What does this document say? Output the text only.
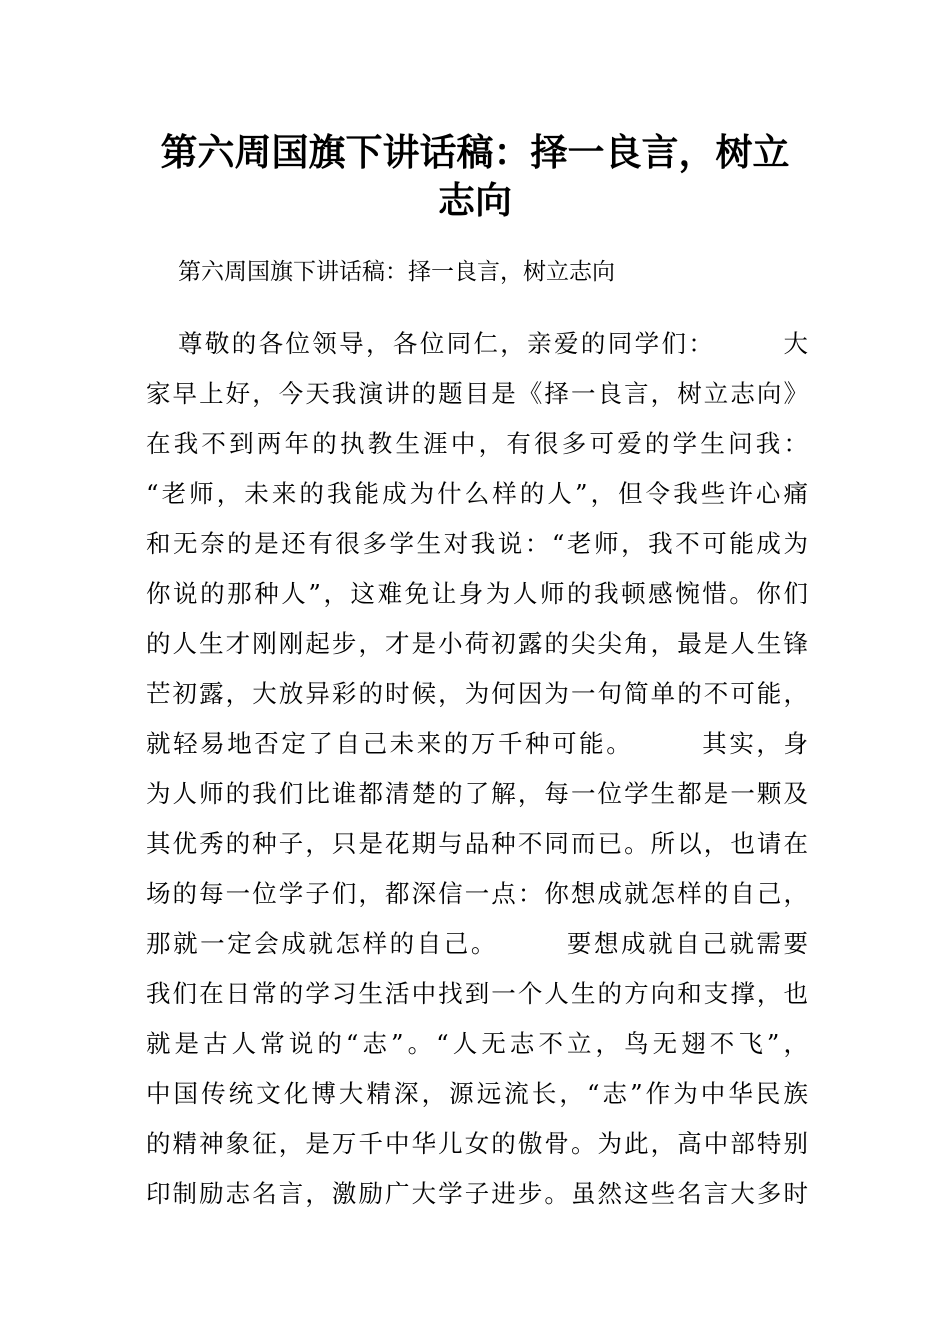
第六周国旗下讲话稿：择一良言，树立
志向
第六周国旗下讲话稿：择一良言，树立志向
尊敬的各位领导，各位同仁，亲爱的同学们：　　　大
家早上好，今天我演讲的题目是《择一良言，树立志向》
在我不到两年的执教生涯中，有很多可爱的学生问我：
“老师，未来的我能成为什么样的人”，但令我些许心痛
和无奈的是还有很多学生对我说：“老师，我不可能成为
你说的那种人”，这难免让身为人师的我顿感惋惜。你们
的人生才刚刚起步，才是小荷初露的尖尖角，最是人生锋
芒初露，大放异彩的时候，为何因为一句简单的不可能，
就轻易地否定了自己未来的万千种可能。　　　其实，身
为人师的我们比谁都清楚的了解，每一位学生都是一颗及
其优秀的种子，只是花期与品种不同而已。所以，也请在
场的每一位学子们，都深信一点：你想成就怎样的自己，
那就一定会成就怎样的自己。　　　要想成就自己就需要
我们在日常的学习生活中找到一个人生的方向和支撑，也
就是古人常说的“志”。“人无志不立，鸟无翅不飞”，
中国传统文化博大精深，源远流长，“志”作为中华民族
的精神象征，是万千中华儿女的傲骨。为此，高中部特别
印制励志名言，激励广大学子进步。虽然这些名言大多时
